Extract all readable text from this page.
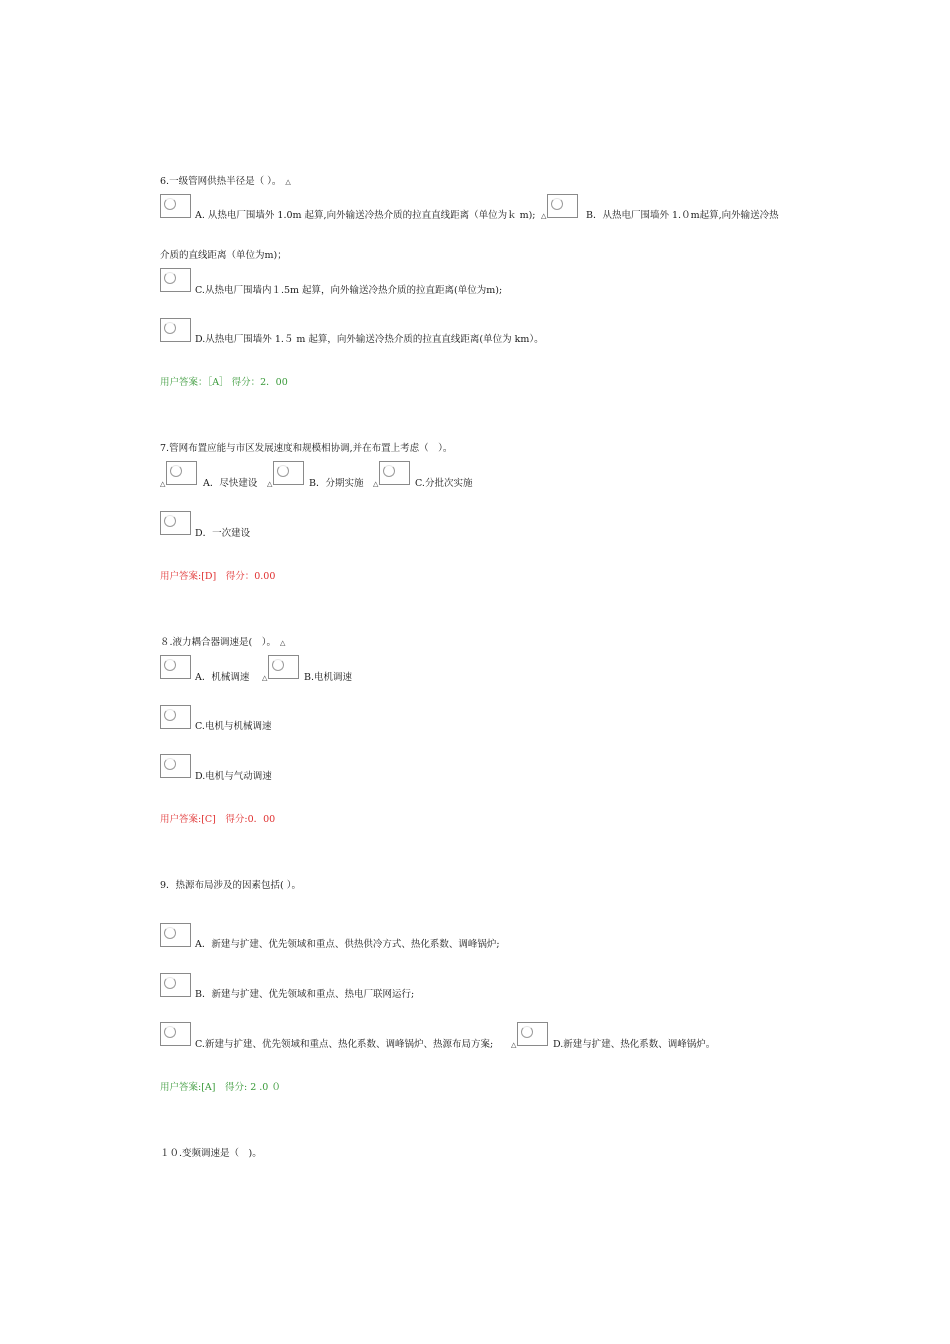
6.一级管网供热半径是（ ）。 △
A. 从热电厂围墙外 1.0m 起算,向外输送冷热介质的拉直直线距离（单位为ｋ m); △	B．从热电厂围墙外 1.０m起算,向外输送冷热
介质的直线距离（单位为m)；
C.从热电厂围墙内１.5m 起算，向外输送冷热介质的拉直距离(单位为m);
D.从热电厂围墙外 1.５ m 起算，向外输送冷热介质的拉直直线距离(单位为 km）。
用户答案：［A］ 得分：2．00
7.管网布置应能与市区发展速度和规模相协调,并在布置上考虑（　）。
△	A．尽快建设 △	B．分期实施 △	C.分批次实施
D．一次建设
用户答案:[D]　得分：0.00
８.液力耦合器调速是(　）。 △
A．机械调速 △	B.电机调速
C.电机与机械调速
D.电机与气动调速
用户答案:[C]　得分:0．00
9．热源布局涉及的因素包括( ）。
A．新建与扩建、优先领域和重点、供热供冷方式、热化系数、调峰锅炉;
B．新建与扩建、优先领域和重点、热电厂联网运行;
C.新建与扩建、优先领域和重点、热化系数、调峰锅炉、热源布局方案;	△	D.新建与扩建、热化系数、调峰锅炉。
用户答案:[A]　得分: 2 .0 ０
１０.变频调速是（　)。
